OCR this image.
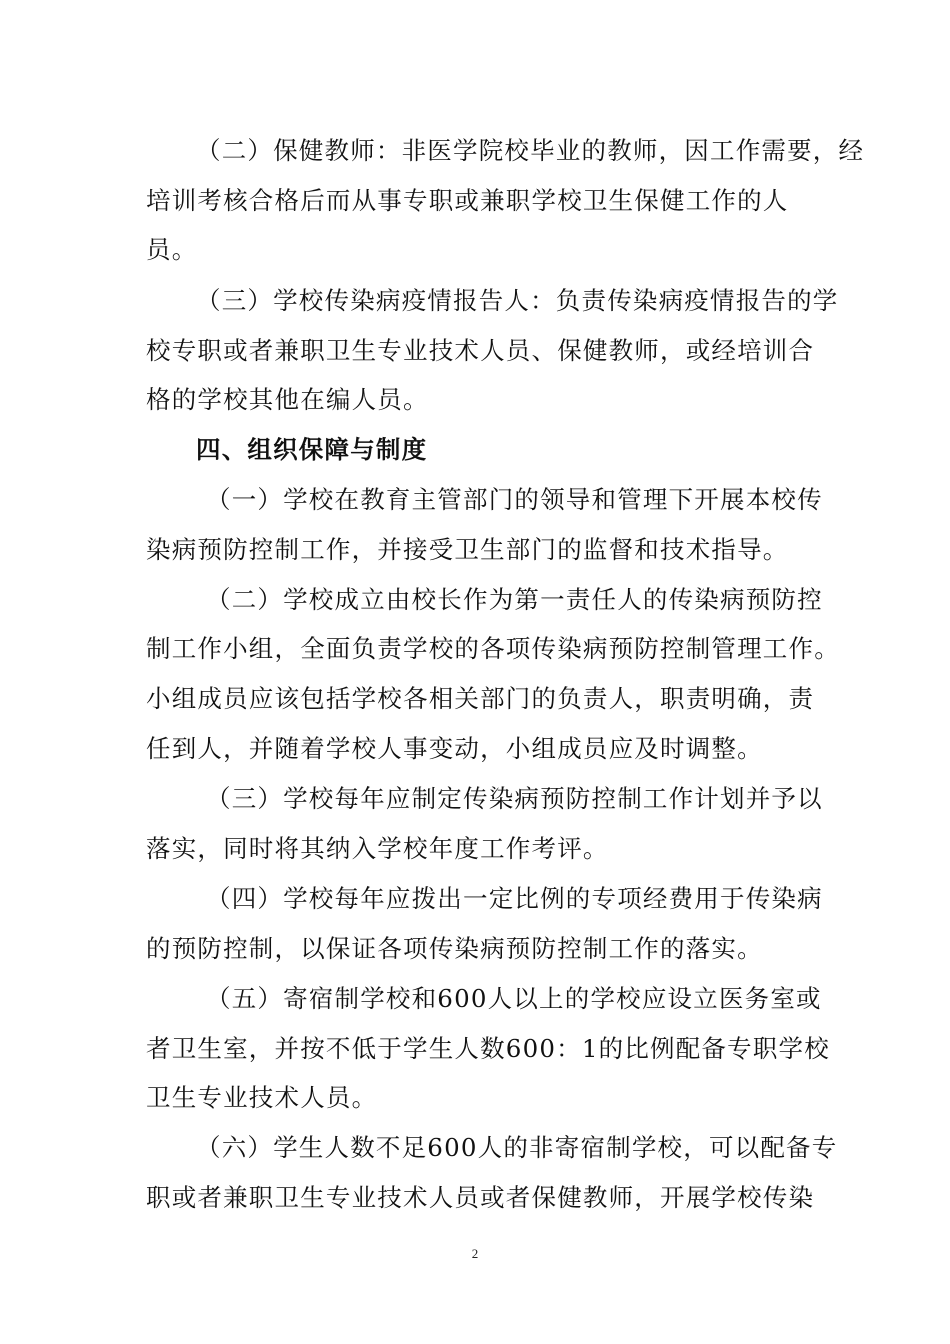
（二）保健教师：非医学院校毕业的教师，因工作需要，经
培训考核合格后而从事专职或兼职学校卫生保健工作的人
员。
（三）学校传染病疫情报告人：负责传染病疫情报告的学
校专职或者兼职卫生专业技术人员、保健教师，或经培训合
格的学校其他在编人员。
四、组织保障与制度
（一）学校在教育主管部门的领导和管理下开展本校传
染病预防控制工作，并接受卫生部门的监督和技术指导。
（二）学校成立由校长作为第一责任人的传染病预防控
制工作小组，全面负责学校的各项传染病预防控制管理工作。
小组成员应该包括学校各相关部门的负责人，职责明确，责
任到人，并随着学校人事变动，小组成员应及时调整。
（三）学校每年应制定传染病预防控制工作计划并予以
落实，同时将其纳入学校年度工作考评。
（四）学校每年应拨出一定比例的专项经费用于传染病
的预防控制，以保证各项传染病预防控制工作的落实。
（五）寄宿制学校和600人以上的学校应设立医务室或
者卫生室，并按不低于学生人数600：1的比例配备专职学校
卫生专业技术人员。
（六）学生人数不足600人的非寄宿制学校，可以配备专
职或者兼职卫生专业技术人员或者保健教师，开展学校传染
2
